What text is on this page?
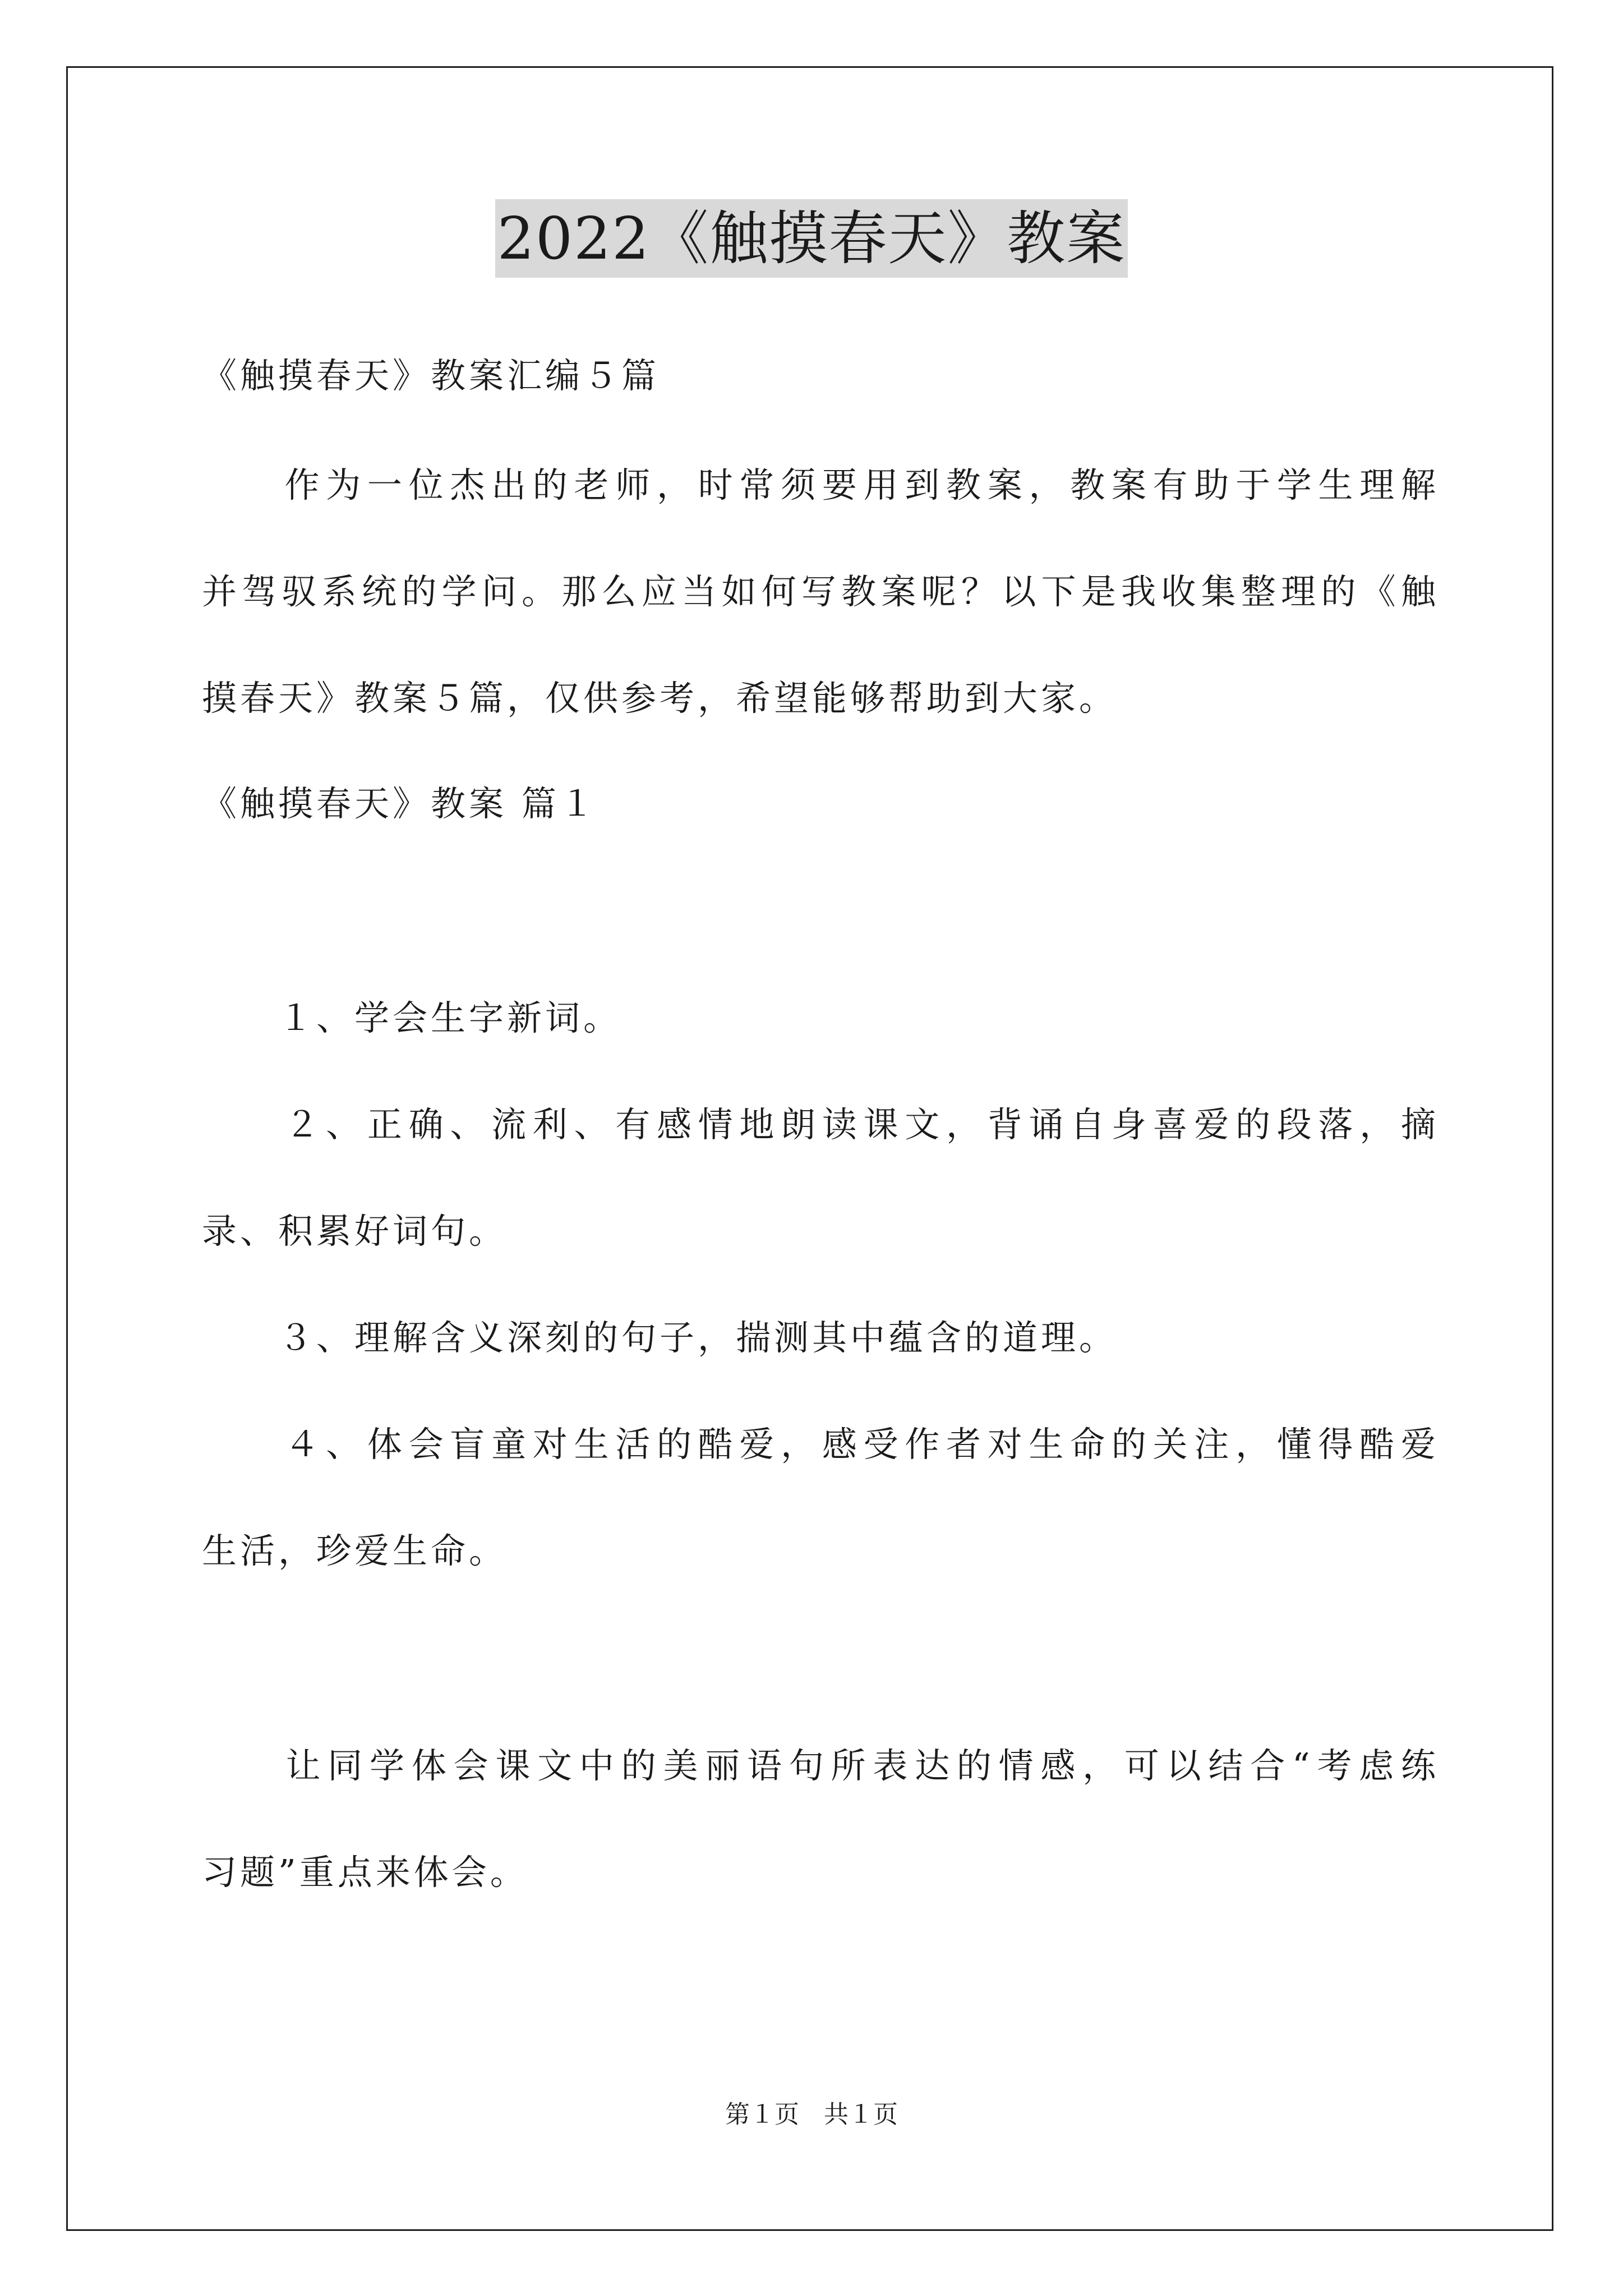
2022《触摸春天》教案
《触摸春天》教案汇编５篇
　　作为一位杰出的老师，时常须要用到教案，教案有助于学生理解
并驾驭系统的学问。那么应当如何写教案呢？以下是我收集整理的《触
摸春天》教案５篇，仅供参考，希望能够帮助到大家。
《触摸春天》教案 篇１
　　１、学会生字新词。
　　２、正确、流利、有感情地朗读课文，背诵自身喜爱的段落，摘
录、积累好词句。
　　３、理解含义深刻的句子，揣测其中蕴含的道理。
　　４、体会盲童对生活的酷爱，感受作者对生命的关注，懂得酷爱
生活，珍爱生命。
　　让同学体会课文中的美丽语句所表达的情感，可以结合“考虑练
习题”重点来体会。
第１页　共１页
